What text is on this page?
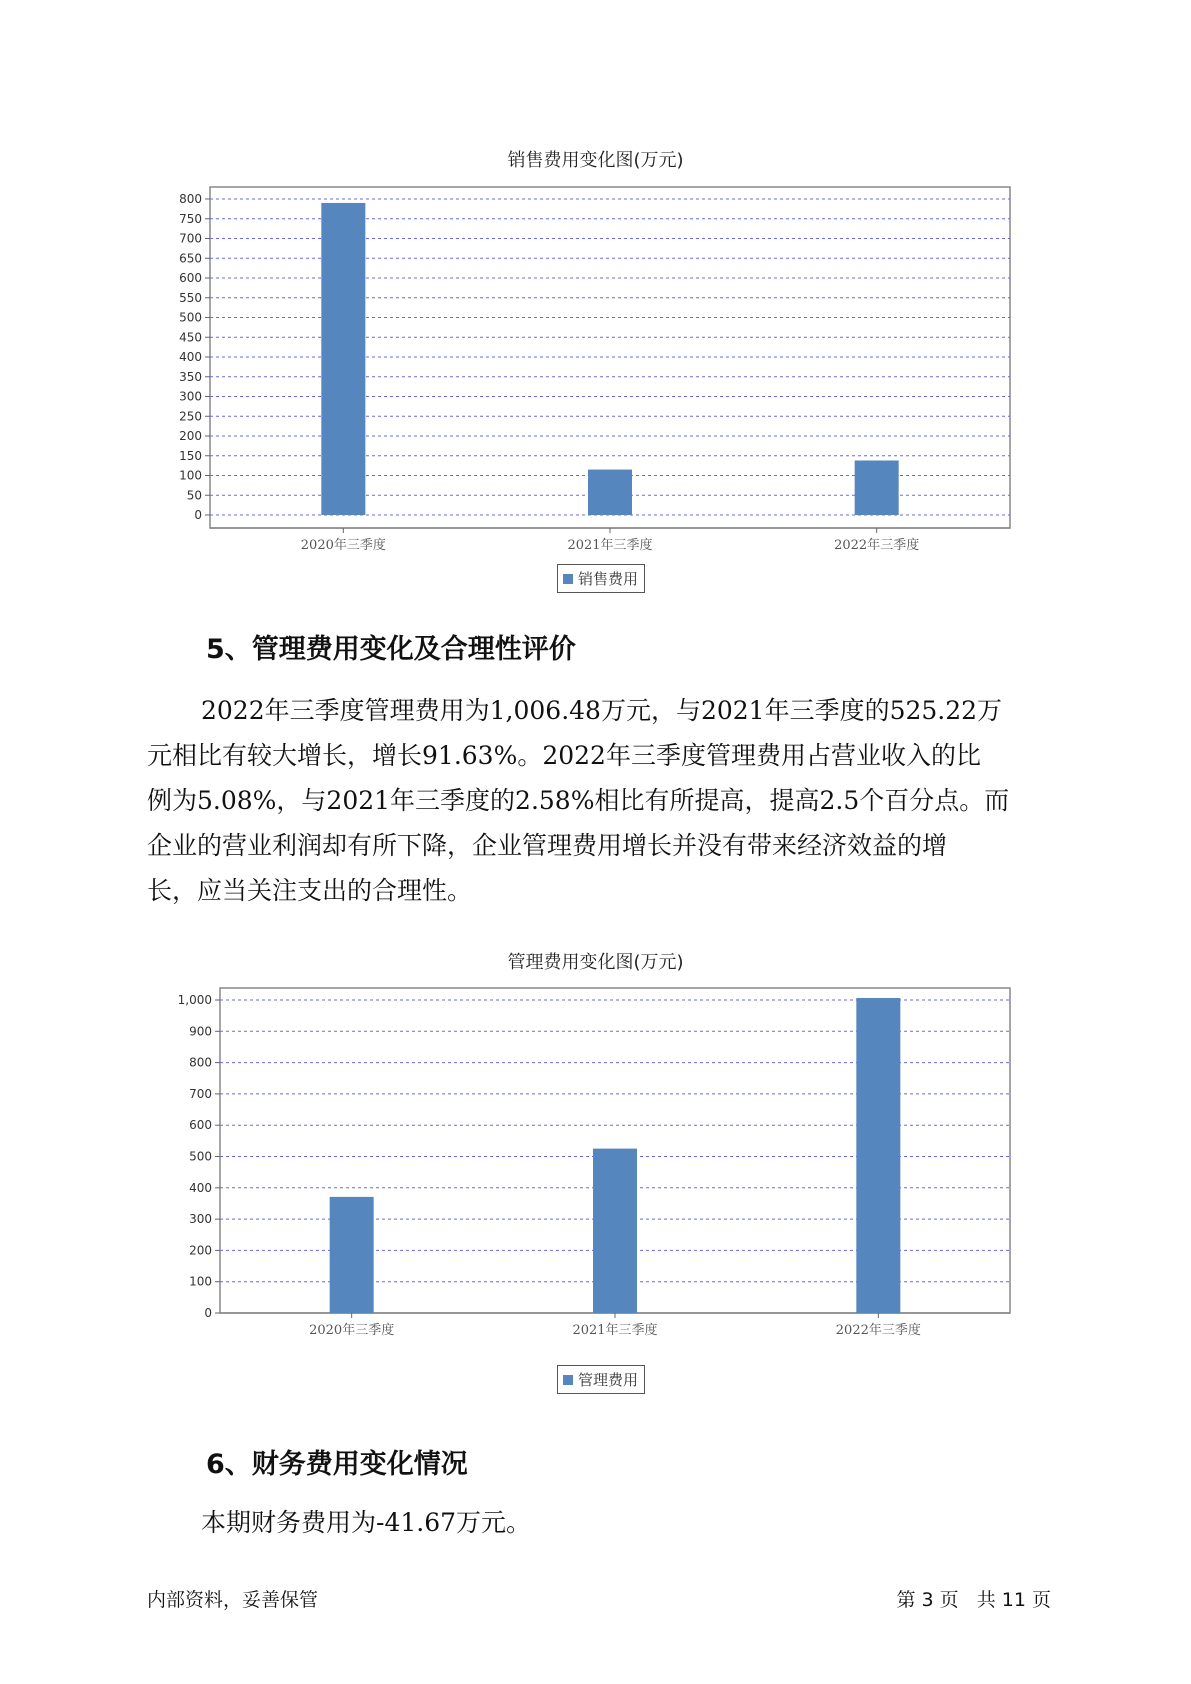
销售费用变化图(万元)
0
50
100
150
200
250
300
350
400
450
500
550
600
650
700
750
800
2020年三季度	2021年三季度	2022年三季度
销售费用
5、管理费用变化及合理性评价
2022年三季度管理费用为1,006.48万元，与2021年三季度的525.22万
元相比有较大增长，增长91.63%。2022年三季度管理费用占营业收入的比
例为5.08%，与2021年三季度的2.58%相比有所提高，提高2.5个百分点。而
企业的营业利润却有所下降，企业管理费用增长并没有带来经济效益的增
长，应当关注支出的合理性。
管理费用变化图(万元)
0
100
200
300
400
500
600
700
800
900
1,000
2020年三季度	2021年三季度	2022年三季度
管理费用
6、财务费用变化情况
本期财务费用为-41.67万元。
内部资料，妥善保管	第 3 页   共 11 页
